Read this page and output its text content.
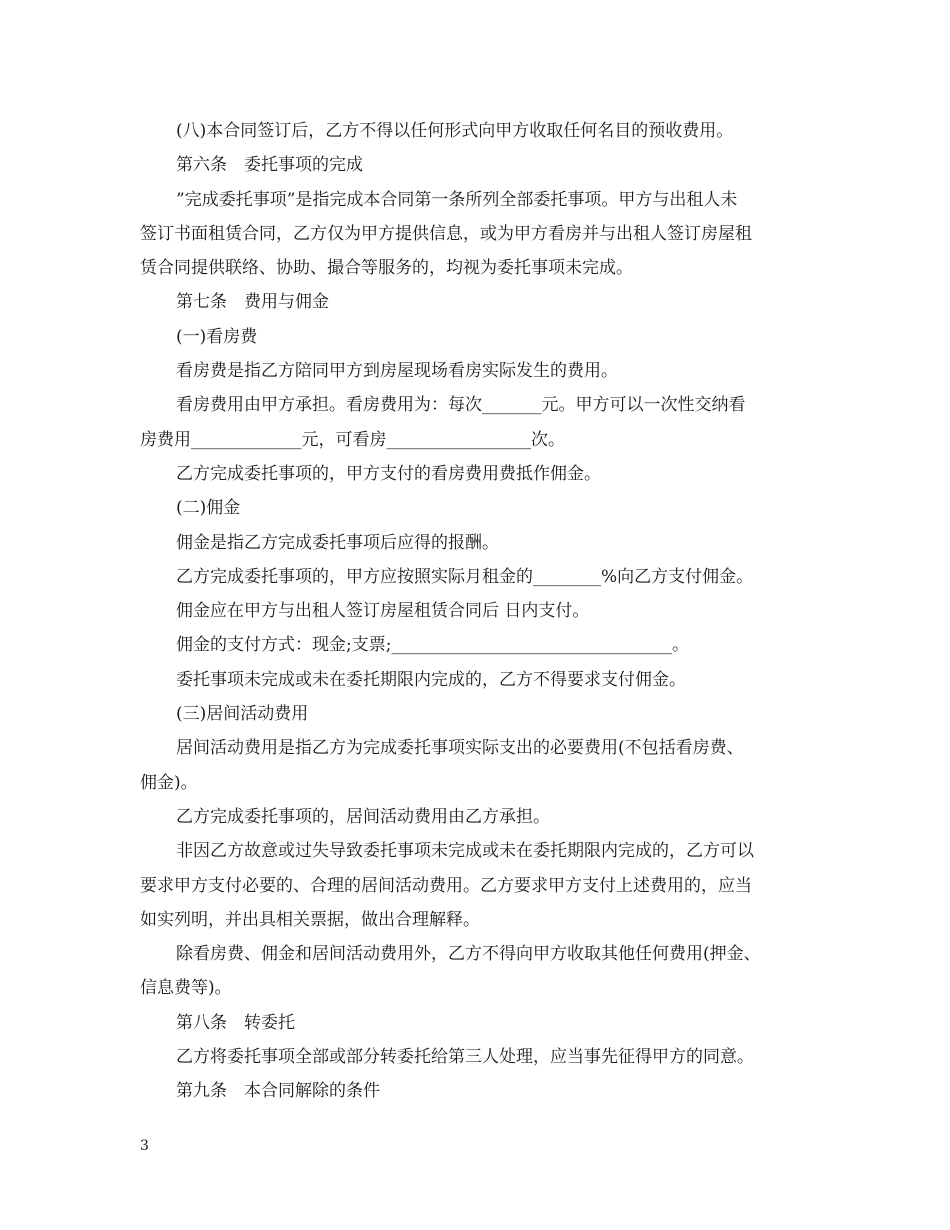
(八)本合同签订后，乙方不得以任何形式向甲方收取任何名目的预收费用。
第六条　委托事项的完成
”完成委托事项”是指完成本合同第一条所列全部委托事项。甲方与出租人未
签订书面租赁合同，乙方仅为甲方提供信息，或为甲方看房并与出租人签订房屋租
赁合同提供联络、协助、撮合等服务的，均视为委托事项未完成。
第七条　费用与佣金
(一)看房费
看房费是指乙方陪同甲方到房屋现场看房实际发生的费用。
看房费用由甲方承担。看房费用为：每次_______元。甲方可以一次性交纳看
房费用_____________元，可看房_________________次。
乙方完成委托事项的，甲方支付的看房费用费抵作佣金。
(二)佣金
佣金是指乙方完成委托事项后应得的报酬。
乙方完成委托事项的，甲方应按照实际月租金的________%向乙方支付佣金。
佣金应在甲方与出租人签订房屋租赁合同后 日内支付。
佣金的支付方式：现金;支票;_________________________________。
委托事项未完成或未在委托期限内完成的，乙方不得要求支付佣金。
(三)居间活动费用
居间活动费用是指乙方为完成委托事项实际支出的必要费用(不包括看房费、
佣金)。
乙方完成委托事项的，居间活动费用由乙方承担。
非因乙方故意或过失导致委托事项未完成或未在委托期限内完成的，乙方可以
要求甲方支付必要的、合理的居间活动费用。乙方要求甲方支付上述费用的，应当
如实列明，并出具相关票据，做出合理解释。
除看房费、佣金和居间活动费用外，乙方不得向甲方收取其他任何费用(押金、
信息费等)。
第八条　转委托
乙方将委托事项全部或部分转委托给第三人处理，应当事先征得甲方的同意。
第九条　本合同解除的条件
3
